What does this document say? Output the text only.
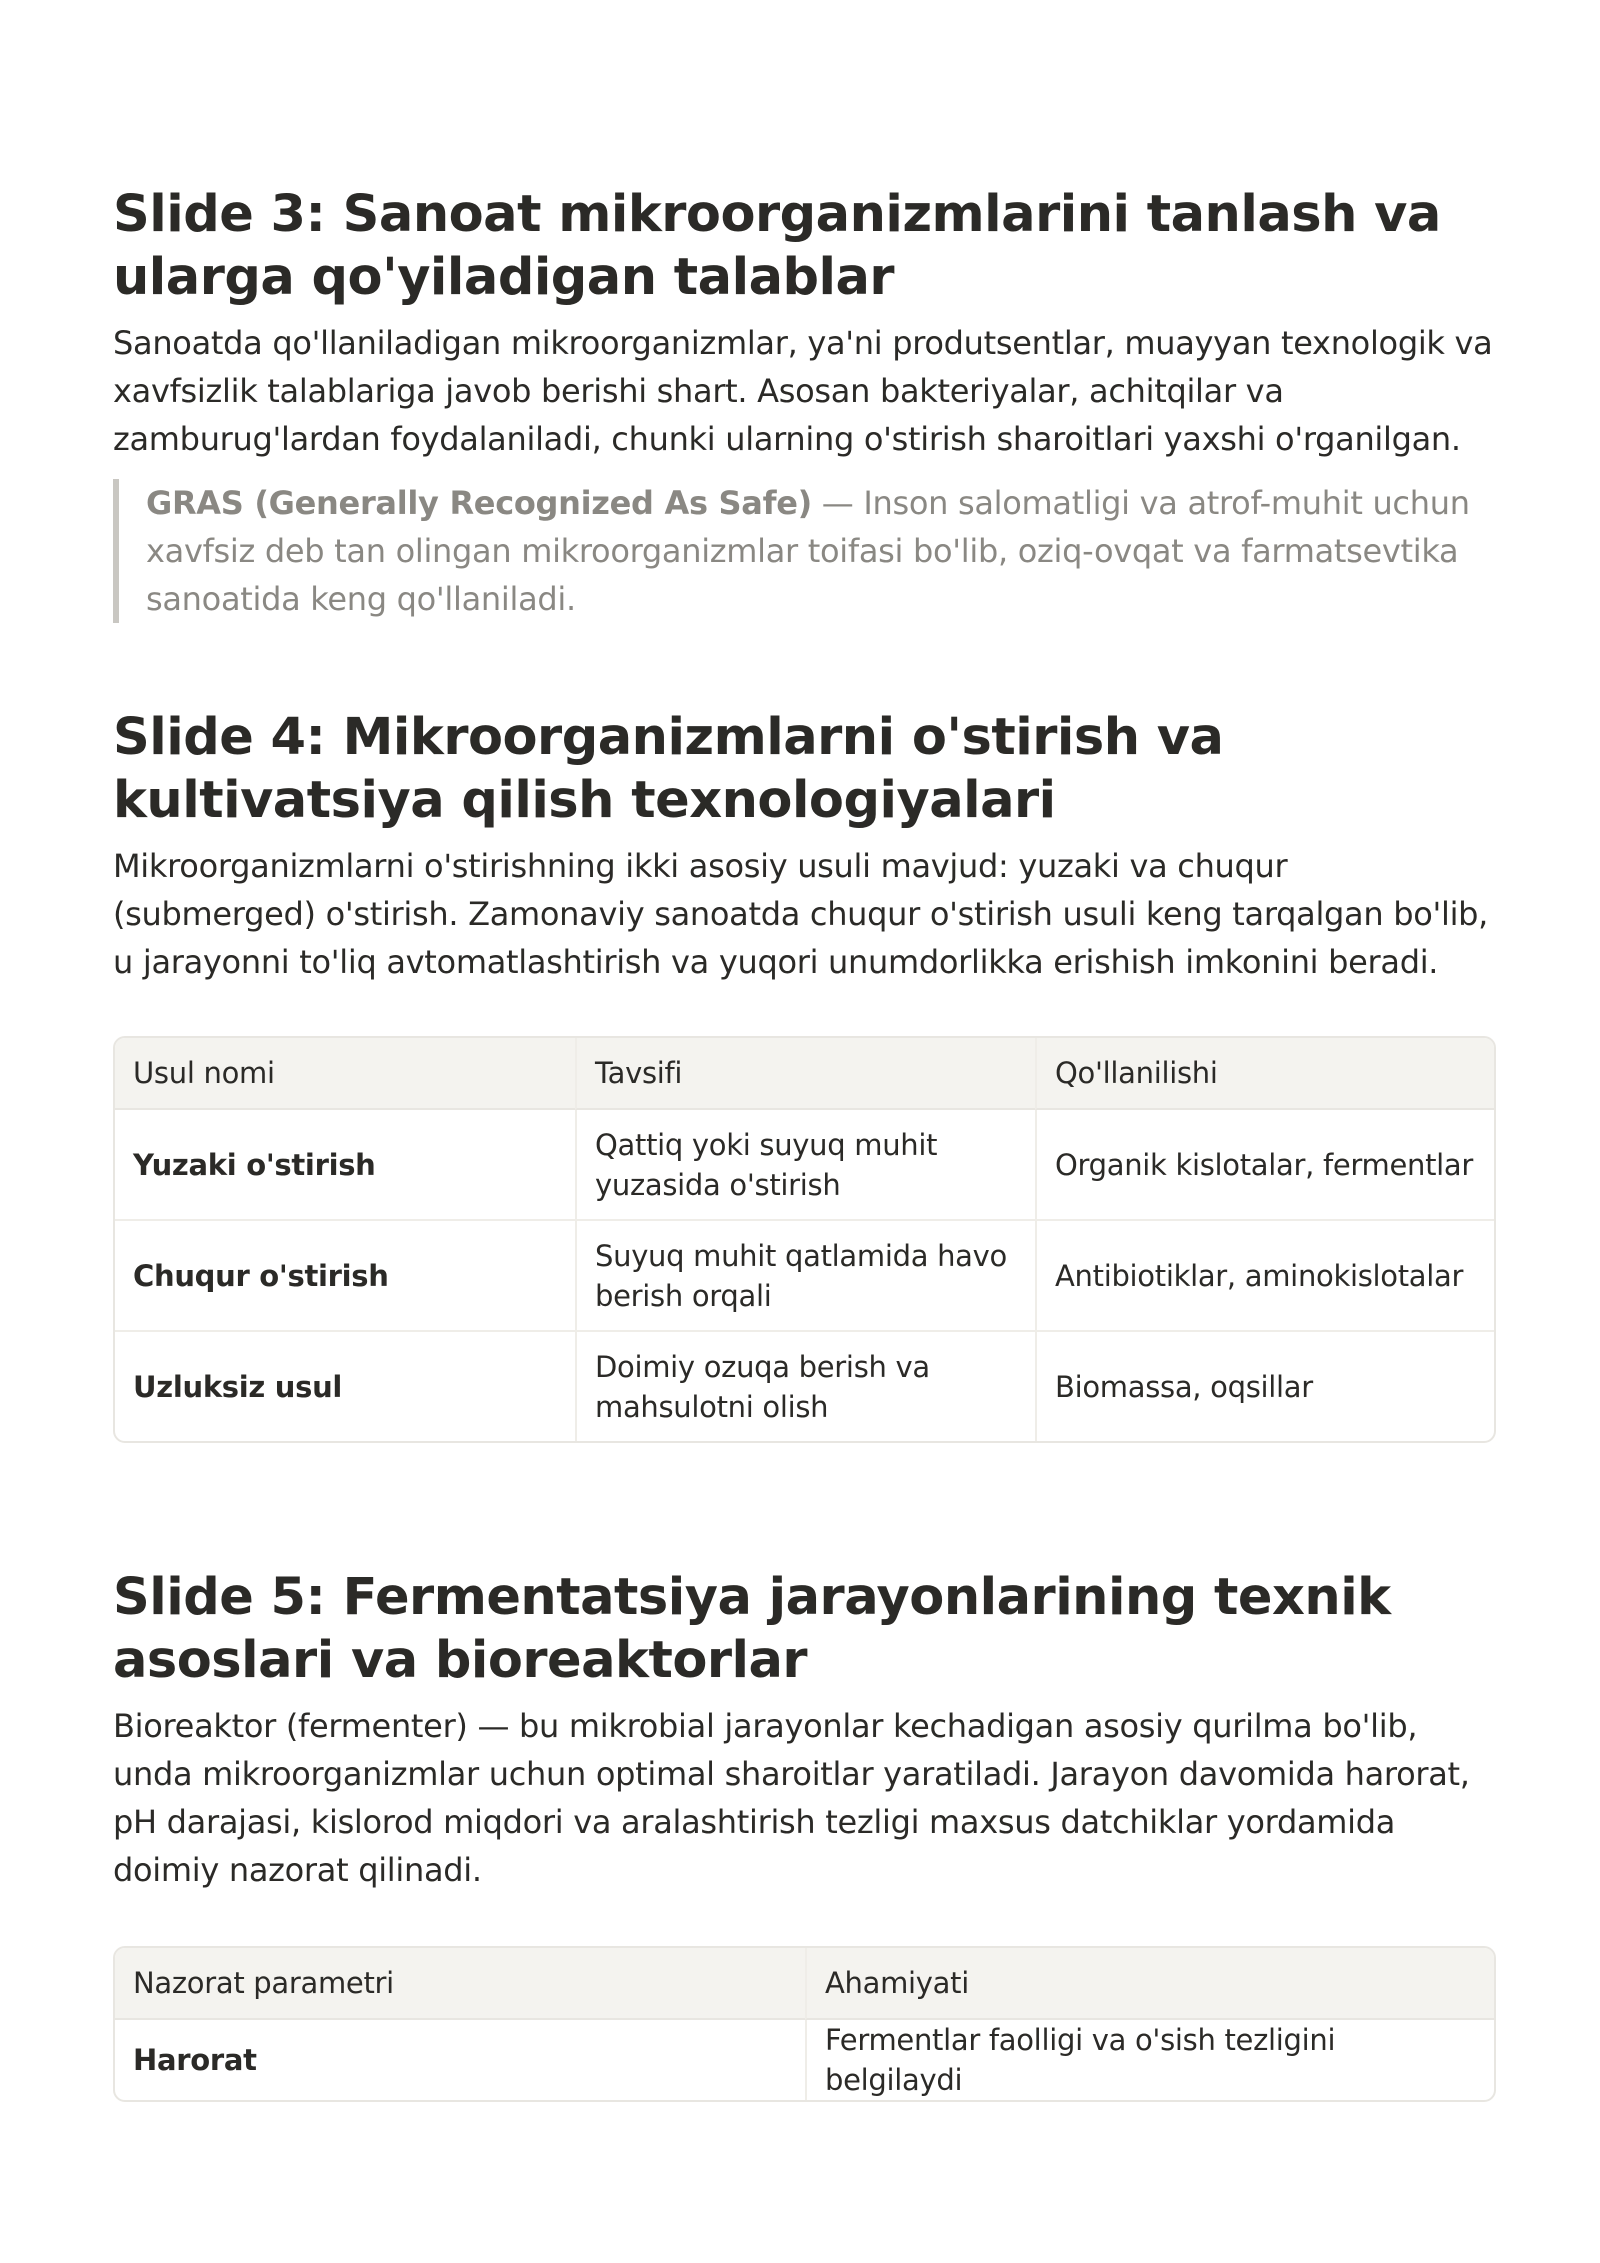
Slide 3: Sanoat mikroorganizmlarini tanlash va ularga qo'yiladigan talablar

Sanoatda qo'llaniladigan mikroorganizmlar, ya'ni produtsentlar, muayyan texnologik va xavfsizlik talablariga javob berishi shart. Asosan bakteriyalar, achitqilar va zamburug'lardan foydalaniladi, chunki ularning o'stirish sharoitlari yaxshi o'rganilgan.

GRAS (Generally Recognized As Safe) — Inson salomatligi va atrof-muhit uchun xavfsiz deb tan olingan mikroorganizmlar toifasi bo'lib, oziq-ovqat va farmatsevtika sanoatida keng qo'llaniladi.
Slide 4: Mikroorganizmlarni o'stirish va kultivatsiya qilish texnologiyalari

Mikroorganizmlarni o'stirishning ikki asosiy usuli mavjud: yuzaki va chuqur (submerged) o'stirish. Zamonaviy sanoatda chuqur o'stirish usuli keng tarqalgan bo'lib, u jarayonni to'liq avtomatlashtirish va yuqori unumdorlikka erishish imkonini beradi.

Usul nomi	Tavsifi	Qo'llanilishi
Yuzaki o'stirish	Qattiq yoki suyuq muhit yuzasida o'stirish	Organik kislotalar, fermentlar
Chuqur o'stirish	Suyuq muhit qatlamida havo berish orqali	Antibiotiklar, aminokislotalar
Uzluksiz usul	Doimiy ozuqa berish va mahsulotni olish	Biomassa, oqsillar
Slide 5: Fermentatsiya jarayonlarining texnik asoslari va bioreaktorlar

Bioreaktor (fermenter) — bu mikrobial jarayonlar kechadigan asosiy qurilma bo'lib, unda mikroorganizmlar uchun optimal sharoitlar yaratiladi. Jarayon davomida harorat, pH darajasi, kislorod miqdori va aralashtirish tezligi maxsus datchiklar yordamida doimiy nazorat qilinadi.

Nazorat parametri	Ahamiyati
Harorat	Fermentlar faolligi va o'sish tezligini belgilaydi
